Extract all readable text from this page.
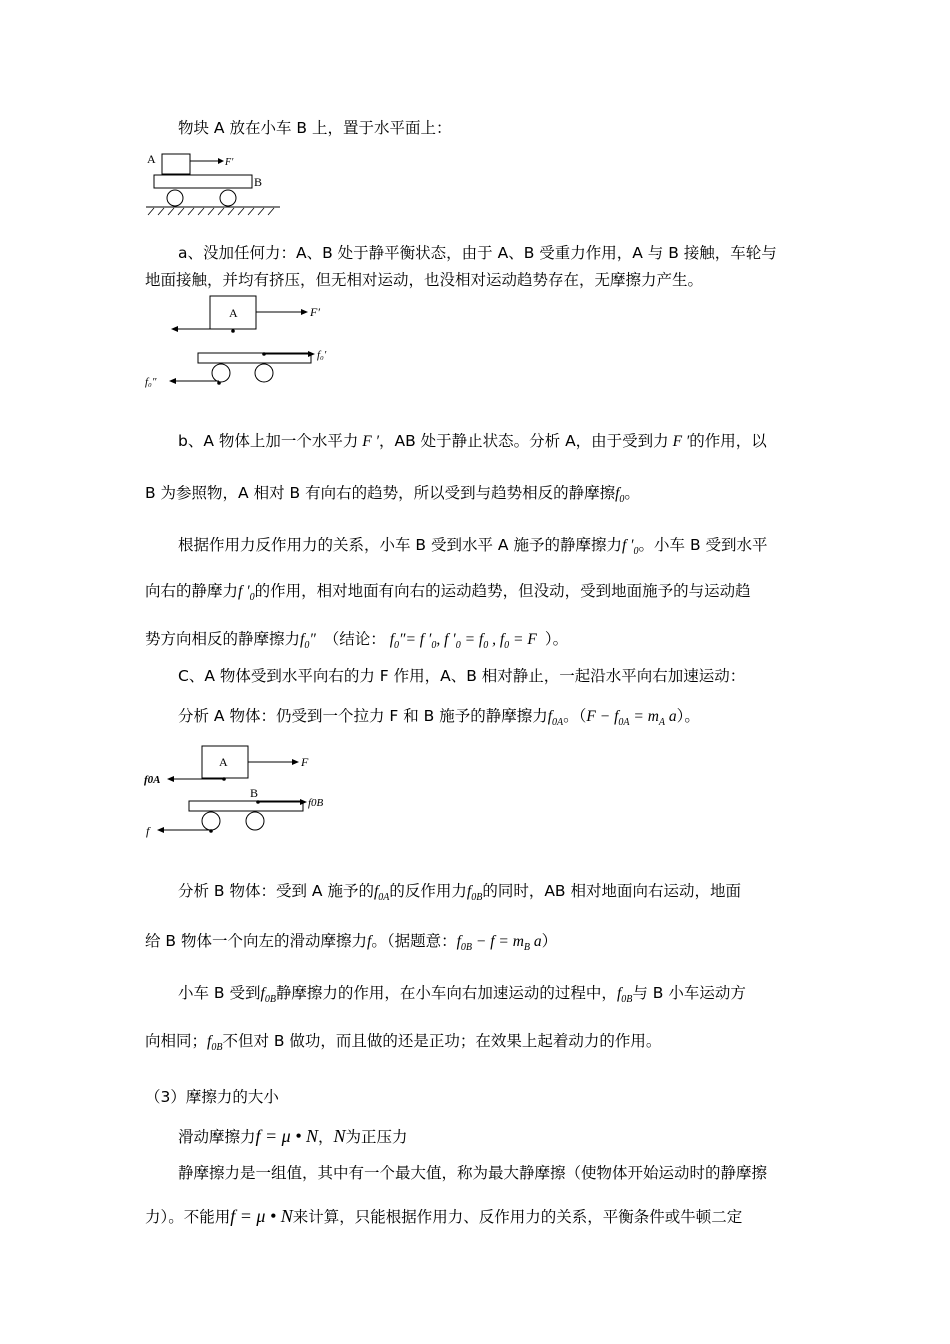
物块 A 放在小车 B 上，置于水平面上：
A	F′
B
a、没加任何力：A、B 处于静平衡状态，由于 A、B 受重力作用，A 与 B 接触，车轮与
地面接触，并均有挤压，但无相对运动，也没相对运动趋势存在，无摩擦力产生。
A	F′
f₀′
f₀″
b、A 物体上加一个水平力 F ′，AB 处于静止状态。分析 A，由于受到力 F ′的作用，以
B 为参照物，A 相对 B 有向右的趋势，所以受到与趋势相反的静摩擦$f_0$。
根据作用力反作用力的关系，小车 B 受到水平 A 施予的静摩擦力f $'_0$。小车 B 受到水平
向右的静摩力f $'_0$的作用，相对地面有向右的运动趋势，但没动，受到地面施予的与运动趋
势方向相反的静摩擦力$f_0''$ （结论： $f_0''= f$ $'_0$, f $'_0 = f_0$ , $f_0 = F$ ）。
C、A 物体受到水平向右的力 F 作用，A、B 相对静止，一起沿水平向右加速运动：
分析 A 物体：仍受到一个拉力 F 和 B 施予的静摩擦力$f_{0A}$。（$F - f_{0A} = m_A$ a）。
A	F
f0A
B
f0B
f
分析 B 物体：受到 A 施予的$f_{0A}$的反作用力$f_{0B}$的同时，AB 相对地面向右运动，地面
给 B 物体一个向左的滑动摩擦力f。（据题意：$f_{0B} - f = m_B$ a）
小车 B 受到$f_{0B}$静摩擦力的作用，在小车向右加速运动的过程中，$f_{0B}$与 B 小车运动方
向相同；$f_{0B}$不但对 B 做功，而且做的还是正功；在效果上起着动力的作用。
（3）摩擦力的大小
滑动摩擦力f = μ • N，N为正压力
静摩擦力是一组值，其中有一个最大值，称为最大静摩擦（使物体开始运动时的静摩擦
力）。不能用f = μ • N来计算，只能根据作用力、反作用力的关系，平衡条件或牛顿二定
